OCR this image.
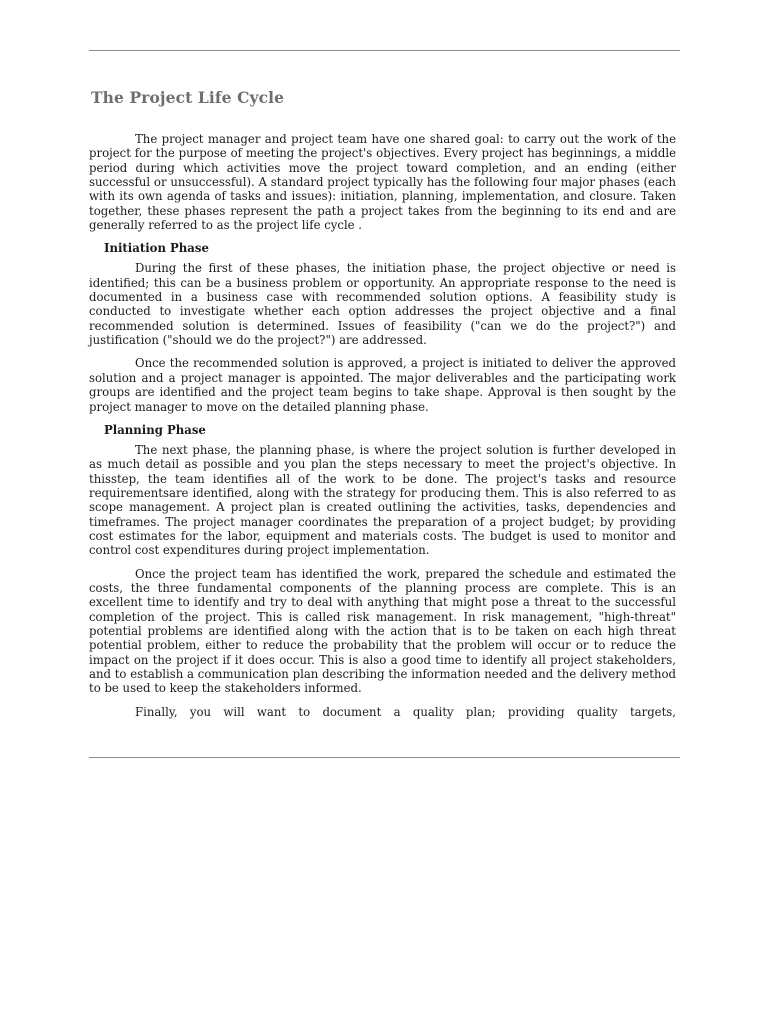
The Project Life Cycle

The project manager and project team have one shared goal: to carry out the work of the project for the purpose of meeting the project's objectives. Every project has beginnings, a middle period during which activities move the project toward completion, and an ending (either successful or unsuccessful). A standard project typically has the following four major phases (each with its own agenda of tasks and issues): initiation, planning, implementation, and closure. Taken together, these phases represent the path a project takes from the beginning to its end and are generally referred to as the project life cycle .

Initiation Phase

During the first of these phases, the initiation phase, the project objective or need is identified; this can be a business problem or opportunity. An appropriate response to the need is documented in a business case with recommended solution options. A feasibility study is conducted to investigate whether each option addresses the project objective and a final recommended solution is determined. Issues of feasibility ("can we do the project?") and justification ("should we do the project?") are addressed.

Once the recommended solution is approved, a project is initiated to deliver the approved solution and a project manager is appointed. The major deliverables and the participating work groups are identified and the project team begins to take shape. Approval is then sought by the project manager to move on the detailed planning phase.

Planning Phase

The next phase, the planning phase, is where the project solution is further developed in as much detail as possible and you plan the steps necessary to meet the project's objective. In thisstep, the team identifies all of the work to be done. The project's tasks and resource requirementsare identified, along with the strategy for producing them. This is also referred to as scope management. A project plan is created outlining the activities, tasks, dependencies and timeframes. The project manager coordinates the preparation of a project budget; by providing cost estimates for the labor, equipment and materials costs. The budget is used to monitor and control cost expenditures during project implementation.

Once the project team has identified the work, prepared the schedule and estimated the costs, the three fundamental components of the planning process are complete. This is an excellent time to identify and try to deal with anything that might pose a threat to the successful completion of the project. This is called risk management. In risk management, "high-threat" potential problems are identified along with the action that is to be taken on each high threat potential problem, either to reduce the probability that the problem will occur or to reduce the impact on the project if it does occur. This is also a good time to identify all project stakeholders, and to establish a communication plan describing the information needed and the delivery method to be used to keep the stakeholders informed.

Finally, you will want to document a quality plan; providing quality targets,
